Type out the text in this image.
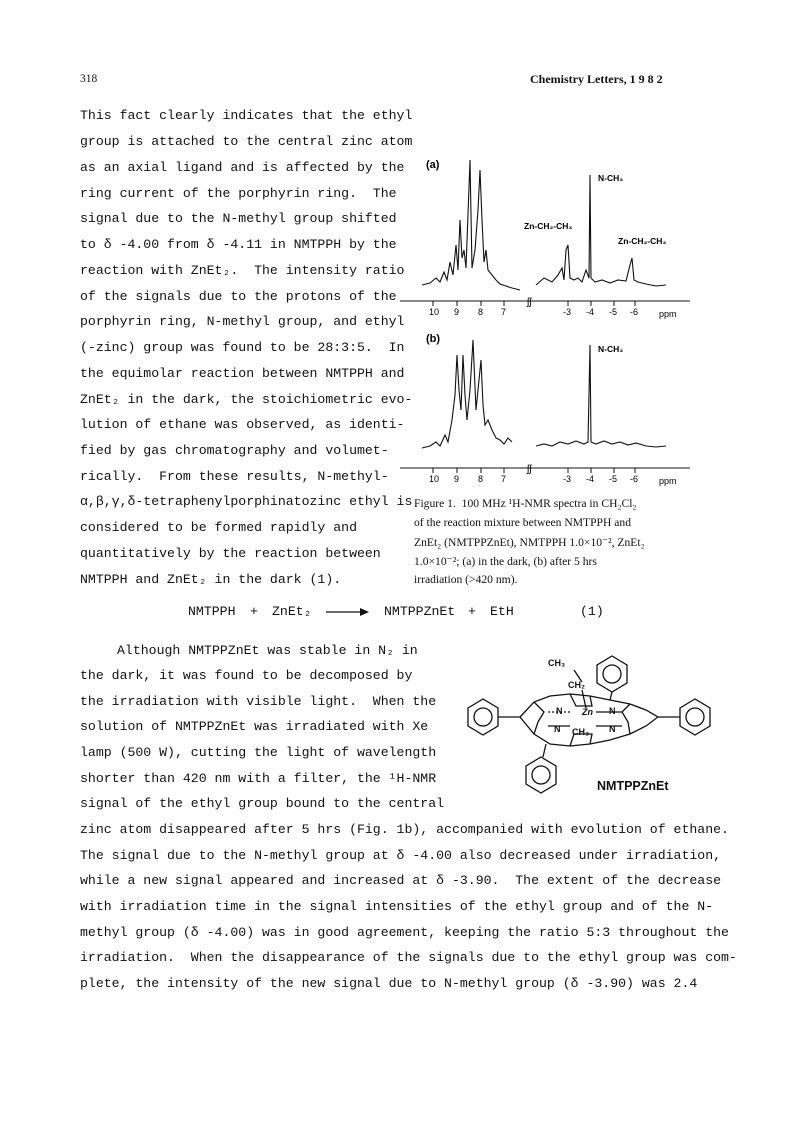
318	Chemistry Letters, 1 9 8 2
This fact clearly indicates that the ethyl
group is attached to the central zinc atom
as an axial ligand and is affected by the
ring current of the porphyrin ring.  The
signal due to the N-methyl group shifted
to δ -4.00 from δ -4.11 in NMTPPH by the
reaction with ZnEt₂.  The intensity ratio
of the signals due to the protons of the
porphyrin ring, N-methyl group, and ethyl
(-zinc) group was found to be 28:3:5.  In
the equimolar reaction between NMTPPH and
ZnEt₂ in the dark, the stoichiometric evo-
lution of ethane was observed, as identi-
fied by gas chromatography and volumet-
rically.  From these results, N-methyl-
α,β,γ,δ-tetraphenylporphinatozinc ethyl is
considered to be formed rapidly and
quantitatively by the reaction between
NMTPPH and ZnEt₂ in the dark (1).
(a)
N-CH₃
Zn-CH₂-CH₃
Zn-CH₂-CH₃
ʃʃ
10 9 8 7	-3 -4 -5 -6 ppm
(b)
N-CH₃
ʃʃ
10 9 8 7	-3 -4 -5 -6 ppm
Figure 1.  100 MHz ¹H-NMR spectra in CH₂Cl₂
of the reaction mixture between NMTPPH and
ZnEt₂ (NMTPPZnEt), NMTPPH 1.0×10⁻², ZnEt₂
1.0×10⁻²; (a) in the dark, (b) after 5 hrs
irradiation (>420 nm).
NMTPPH + ZnEt₂ → NMTPPZnEt + EtH	(1)
Although NMTPPZnEt was stable in N₂ in
the dark, it was found to be decomposed by
the irradiation with visible light.  When the
solution of NMTPPZnEt was irradiated with Xe
lamp (500 W), cutting the light of wavelength
shorter than 420 nm with a filter, the ¹H-NMR
signal of the ethyl group bound to the central
CH₃
CH₂
N Zn N
N	N
CH₃
NMTPPZnEt
zinc atom disappeared after 5 hrs (Fig. 1b), accompanied with evolution of ethane.
The signal due to the N-methyl group at δ -4.00 also decreased under irradiation,
while a new signal appeared and increased at δ -3.90.  The extent of the decrease
with irradiation time in the signal intensities of the ethyl group and of the N-
methyl group (δ -4.00) was in good agreement, keeping the ratio 5:3 throughout the
irradiation.  When the disappearance of the signals due to the ethyl group was com-
plete, the intensity of the new signal due to N-methyl group (δ -3.90) was 2.4
